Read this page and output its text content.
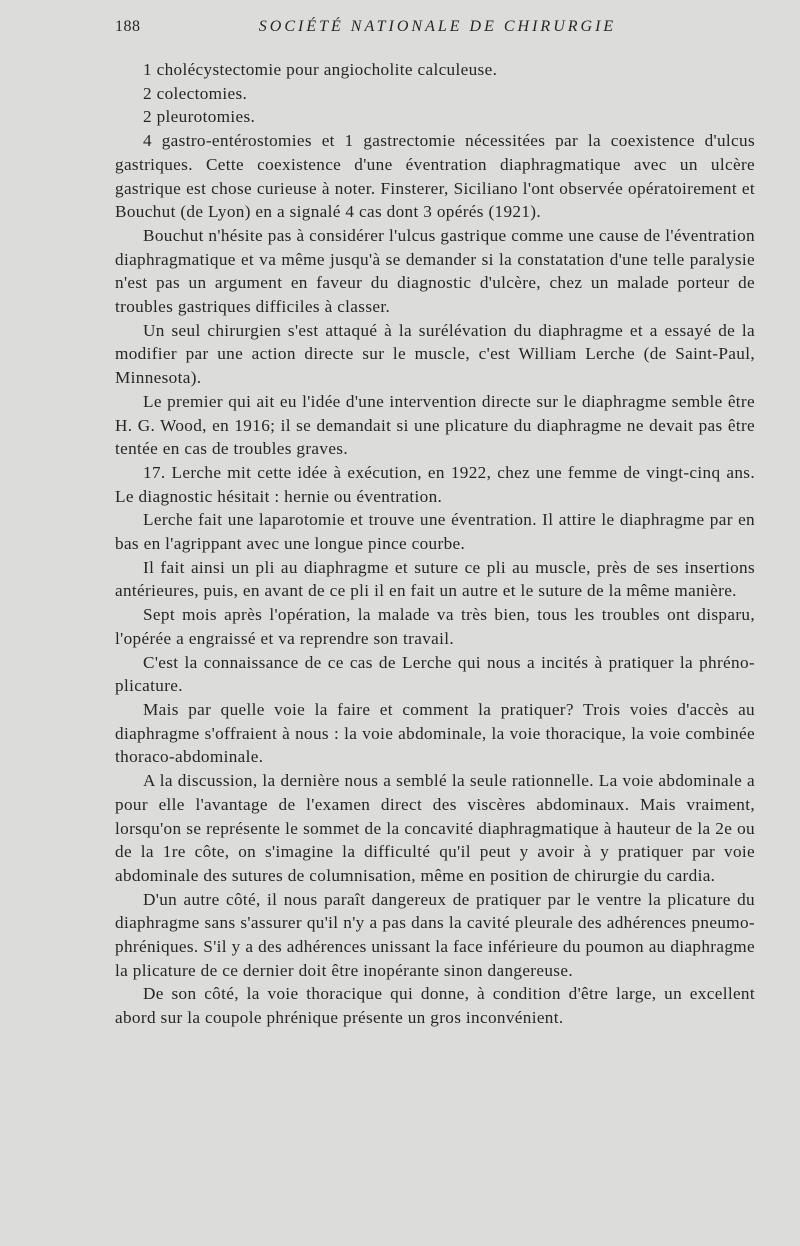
188	SOCIÉTÉ NATIONALE DE CHIRURGIE

1 cholécystectomie pour angiocholite calculeuse.

2 colectomies.

2 pleurotomies.

4 gastro-entérostomies et 1 gastrectomie nécessitées par la coexistence d'ulcus gastriques. Cette coexistence d'une éventration diaphragmatique avec un ulcère gastrique est chose curieuse à noter. Finsterer, Siciliano l'ont observée opératoirement et Bouchut (de Lyon) en a signalé 4 cas dont 3 opérés (1921).

Bouchut n'hésite pas à considérer l'ulcus gastrique comme une cause de l'éventration diaphragmatique et va même jusqu'à se demander si la constatation d'une telle paralysie n'est pas un argument en faveur du diagnostic d'ulcère, chez un malade porteur de troubles gastriques difficiles à classer.

Un seul chirurgien s'est attaqué à la surélévation du diaphragme et a essayé de la modifier par une action directe sur le muscle, c'est William Lerche (de Saint-Paul, Minnesota).

Le premier qui ait eu l'idée d'une intervention directe sur le diaphragme semble être H. G. Wood, en 1916; il se demandait si une plicature du diaphragme ne devait pas être tentée en cas de troubles graves.

17. Lerche mit cette idée à exécution, en 1922, chez une femme de vingt-cinq ans. Le diagnostic hésitait : hernie ou éventration.

Lerche fait une laparotomie et trouve une éventration. Il attire le diaphragme par en bas en l'agrippant avec une longue pince courbe.

Il fait ainsi un pli au diaphragme et suture ce pli au muscle, près de ses insertions antérieures, puis, en avant de ce pli il en fait un autre et le suture de la même manière.

Sept mois après l'opération, la malade va très bien, tous les troubles ont disparu, l'opérée a engraissé et va reprendre son travail.

C'est la connaissance de ce cas de Lerche qui nous a incités à pratiquer la phréno-plicature.

Mais par quelle voie la faire et comment la pratiquer? Trois voies d'accès au diaphragme s'offraient à nous : la voie abdominale, la voie thoracique, la voie combinée thoraco-abdominale.

A la discussion, la dernière nous a semblé la seule rationnelle. La voie abdominale a pour elle l'avantage de l'examen direct des viscères abdominaux. Mais vraiment, lorsqu'on se représente le sommet de la concavité diaphragmatique à hauteur de la 2e ou de la 1re côte, on s'imagine la difficulté qu'il peut y avoir à y pratiquer par voie abdominale des sutures de columnisation, même en position de chirurgie du cardia.

D'un autre côté, il nous paraît dangereux de pratiquer par le ventre la plicature du diaphragme sans s'assurer qu'il n'y a pas dans la cavité pleurale des adhérences pneumo-phréniques. S'il y a des adhérences unissant la face inférieure du poumon au diaphragme la plicature de ce dernier doit être inopérante sinon dangereuse.

De son côté, la voie thoracique qui donne, à condition d'être large, un excellent abord sur la coupole phrénique présente un gros inconvénient.
